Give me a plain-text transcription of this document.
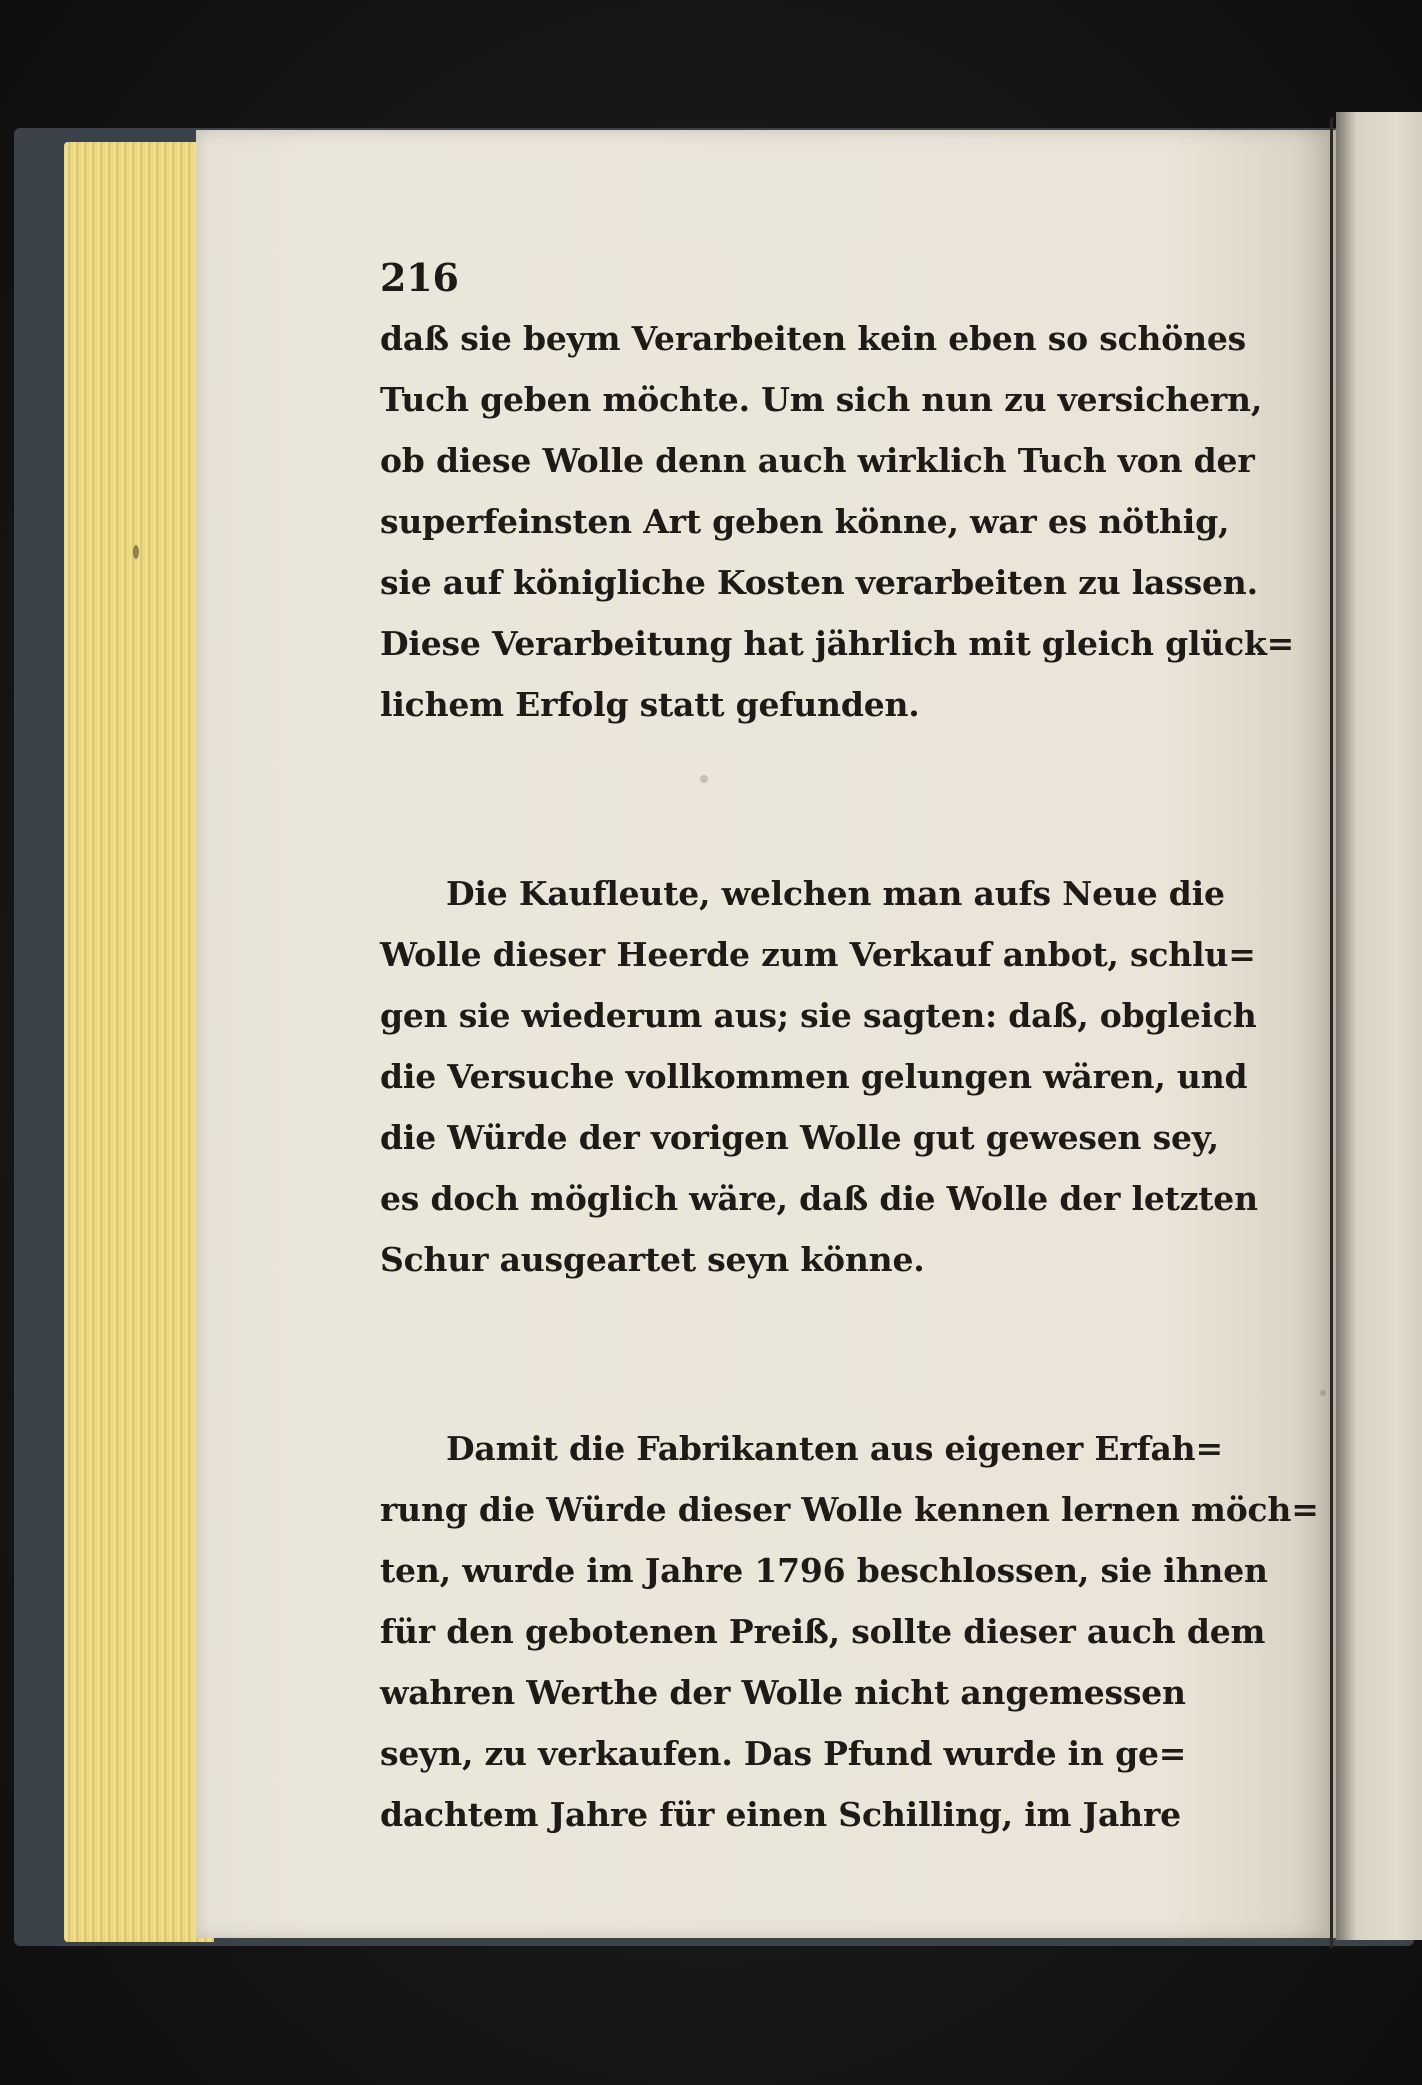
216
daß sie beym Verarbeiten kein eben so schönes
Tuch geben möchte. Um sich nun zu versichern,
ob diese Wolle denn auch wirklich Tuch von der
superfeinsten Art geben könne, war es nöthig,
sie auf königliche Kosten verarbeiten zu lassen.
Diese Verarbeitung hat jährlich mit gleich glück=
lichem Erfolg statt gefunden.
Die Kaufleute, welchen man aufs Neue die
Wolle dieser Heerde zum Verkauf anbot, schlu=
gen sie wiederum aus; sie sagten: daß, obgleich
die Versuche vollkommen gelungen wären, und
die Würde der vorigen Wolle gut gewesen sey,
es doch möglich wäre, daß die Wolle der letzten
Schur ausgeartet seyn könne.
Damit die Fabrikanten aus eigener Erfah=
rung die Würde dieser Wolle kennen lernen möch=
ten, wurde im Jahre 1796 beschlossen, sie ihnen
für den gebotenen Preiß, sollte dieser auch dem
wahren Werthe der Wolle nicht angemessen
seyn, zu verkaufen. Das Pfund wurde in ge=
dachtem Jahre für einen Schilling, im Jahre
